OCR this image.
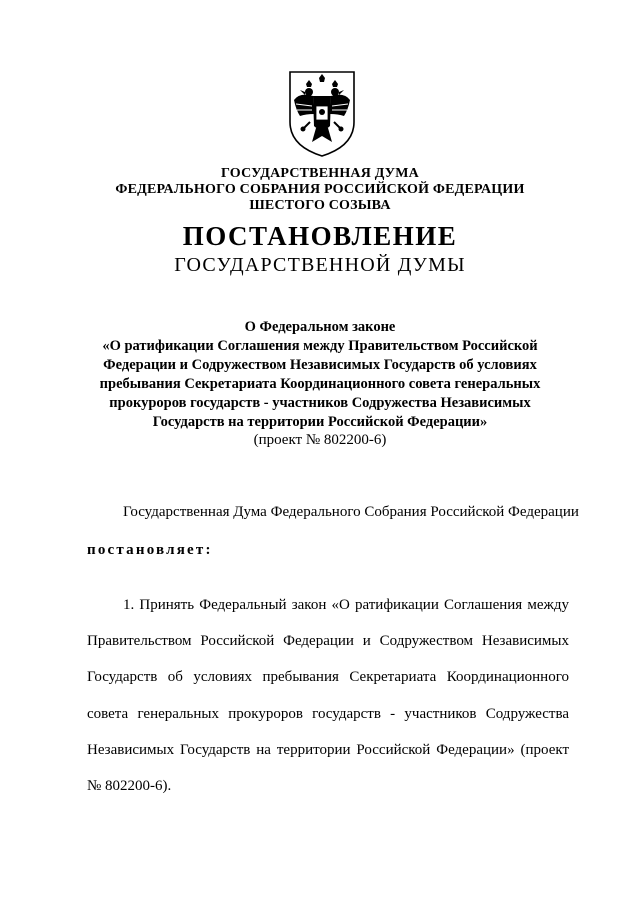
ГОСУДАРСТВЕННАЯ ДУМА
ФЕДЕРАЛЬНОГО СОБРАНИЯ РОССИЙСКОЙ ФЕДЕРАЦИИ
ШЕСТОГО СОЗЫВА
ПОСТАНОВЛЕНИЕ
ГОСУДАРСТВЕННОЙ ДУМЫ
О Федеральном законе
«О ратификации Соглашения между Правительством Российской
Федерации и Содружеством Независимых Государств об условиях
пребывания Секретариата Координационного совета генеральных
прокуроров государств - участников Содружества Независимых
Государств на территории Российской Федерации»
(проект № 802200-6)
Государственная Дума Федерального Собрания Российской Федерации
постановляет:
1. Принять Федеральный закон «О ратификации Соглашения между
Правительством Российской Федерации и Содружеством Независимых
Государств об условиях пребывания Секретариата Координационного
совета генеральных прокуроров государств - участников Содружества
Независимых Государств на территории Российской Федерации» (проект
№ 802200-6).
